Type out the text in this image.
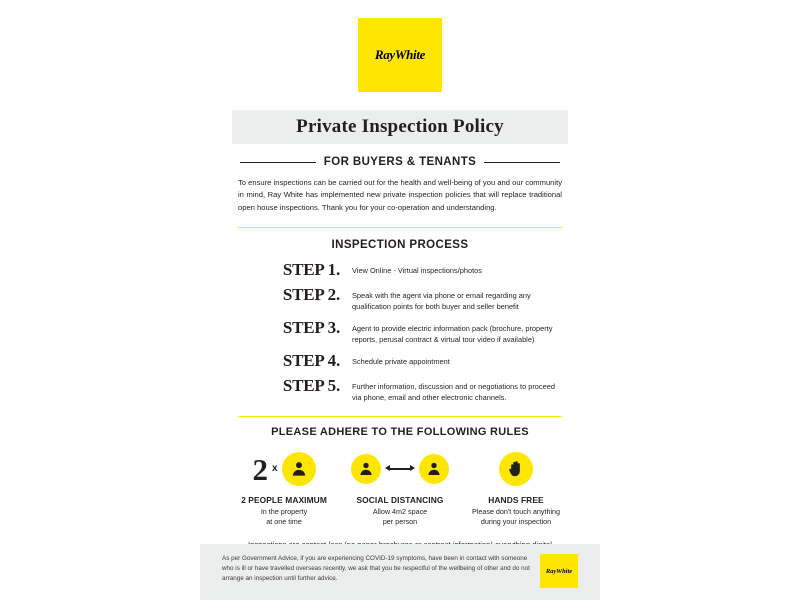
RayWhite
Private Inspection Policy
FOR BUYERS & TENANTS

To ensure inspections can be carried out for the health and well-being of you and our community in mind, Ray White has implemented new private inspection policies that will replace traditional open house inspections. Thank you for your co-operation and understanding.

INSPECTION PROCESS
STEP 1.	View Online - Virtual inspections/photos
STEP 2.	Speak with the agent via phone or email regarding any qualification points for both buyer and seller benefit
STEP 3.	Agent to provide electric information pack (brochure, property reports, perusal contract & virtual tour video if available)
STEP 4.	Schedule private appointment
STEP 5.	Further information, discussion and or negotiations to proceed via phone, email and other electronic channels.
PLEASE ADHERE TO THE FOLLOWING RULES
2 x
2 PEOPLE MAXIMUM
In the property
at one time
SOCIAL DISTANCING
Allow 4m2 space
per person
HANDS FREE
Please don't touch anything
during your inspection
As per Government Advice, if you are experiencing COVID-19 symptoms, have been in contact with someone who is ill or have travelled overseas recently, we ask that you be respectful of the wellbeing of other and do not arrange an inspection until further advice.
RayWhite
